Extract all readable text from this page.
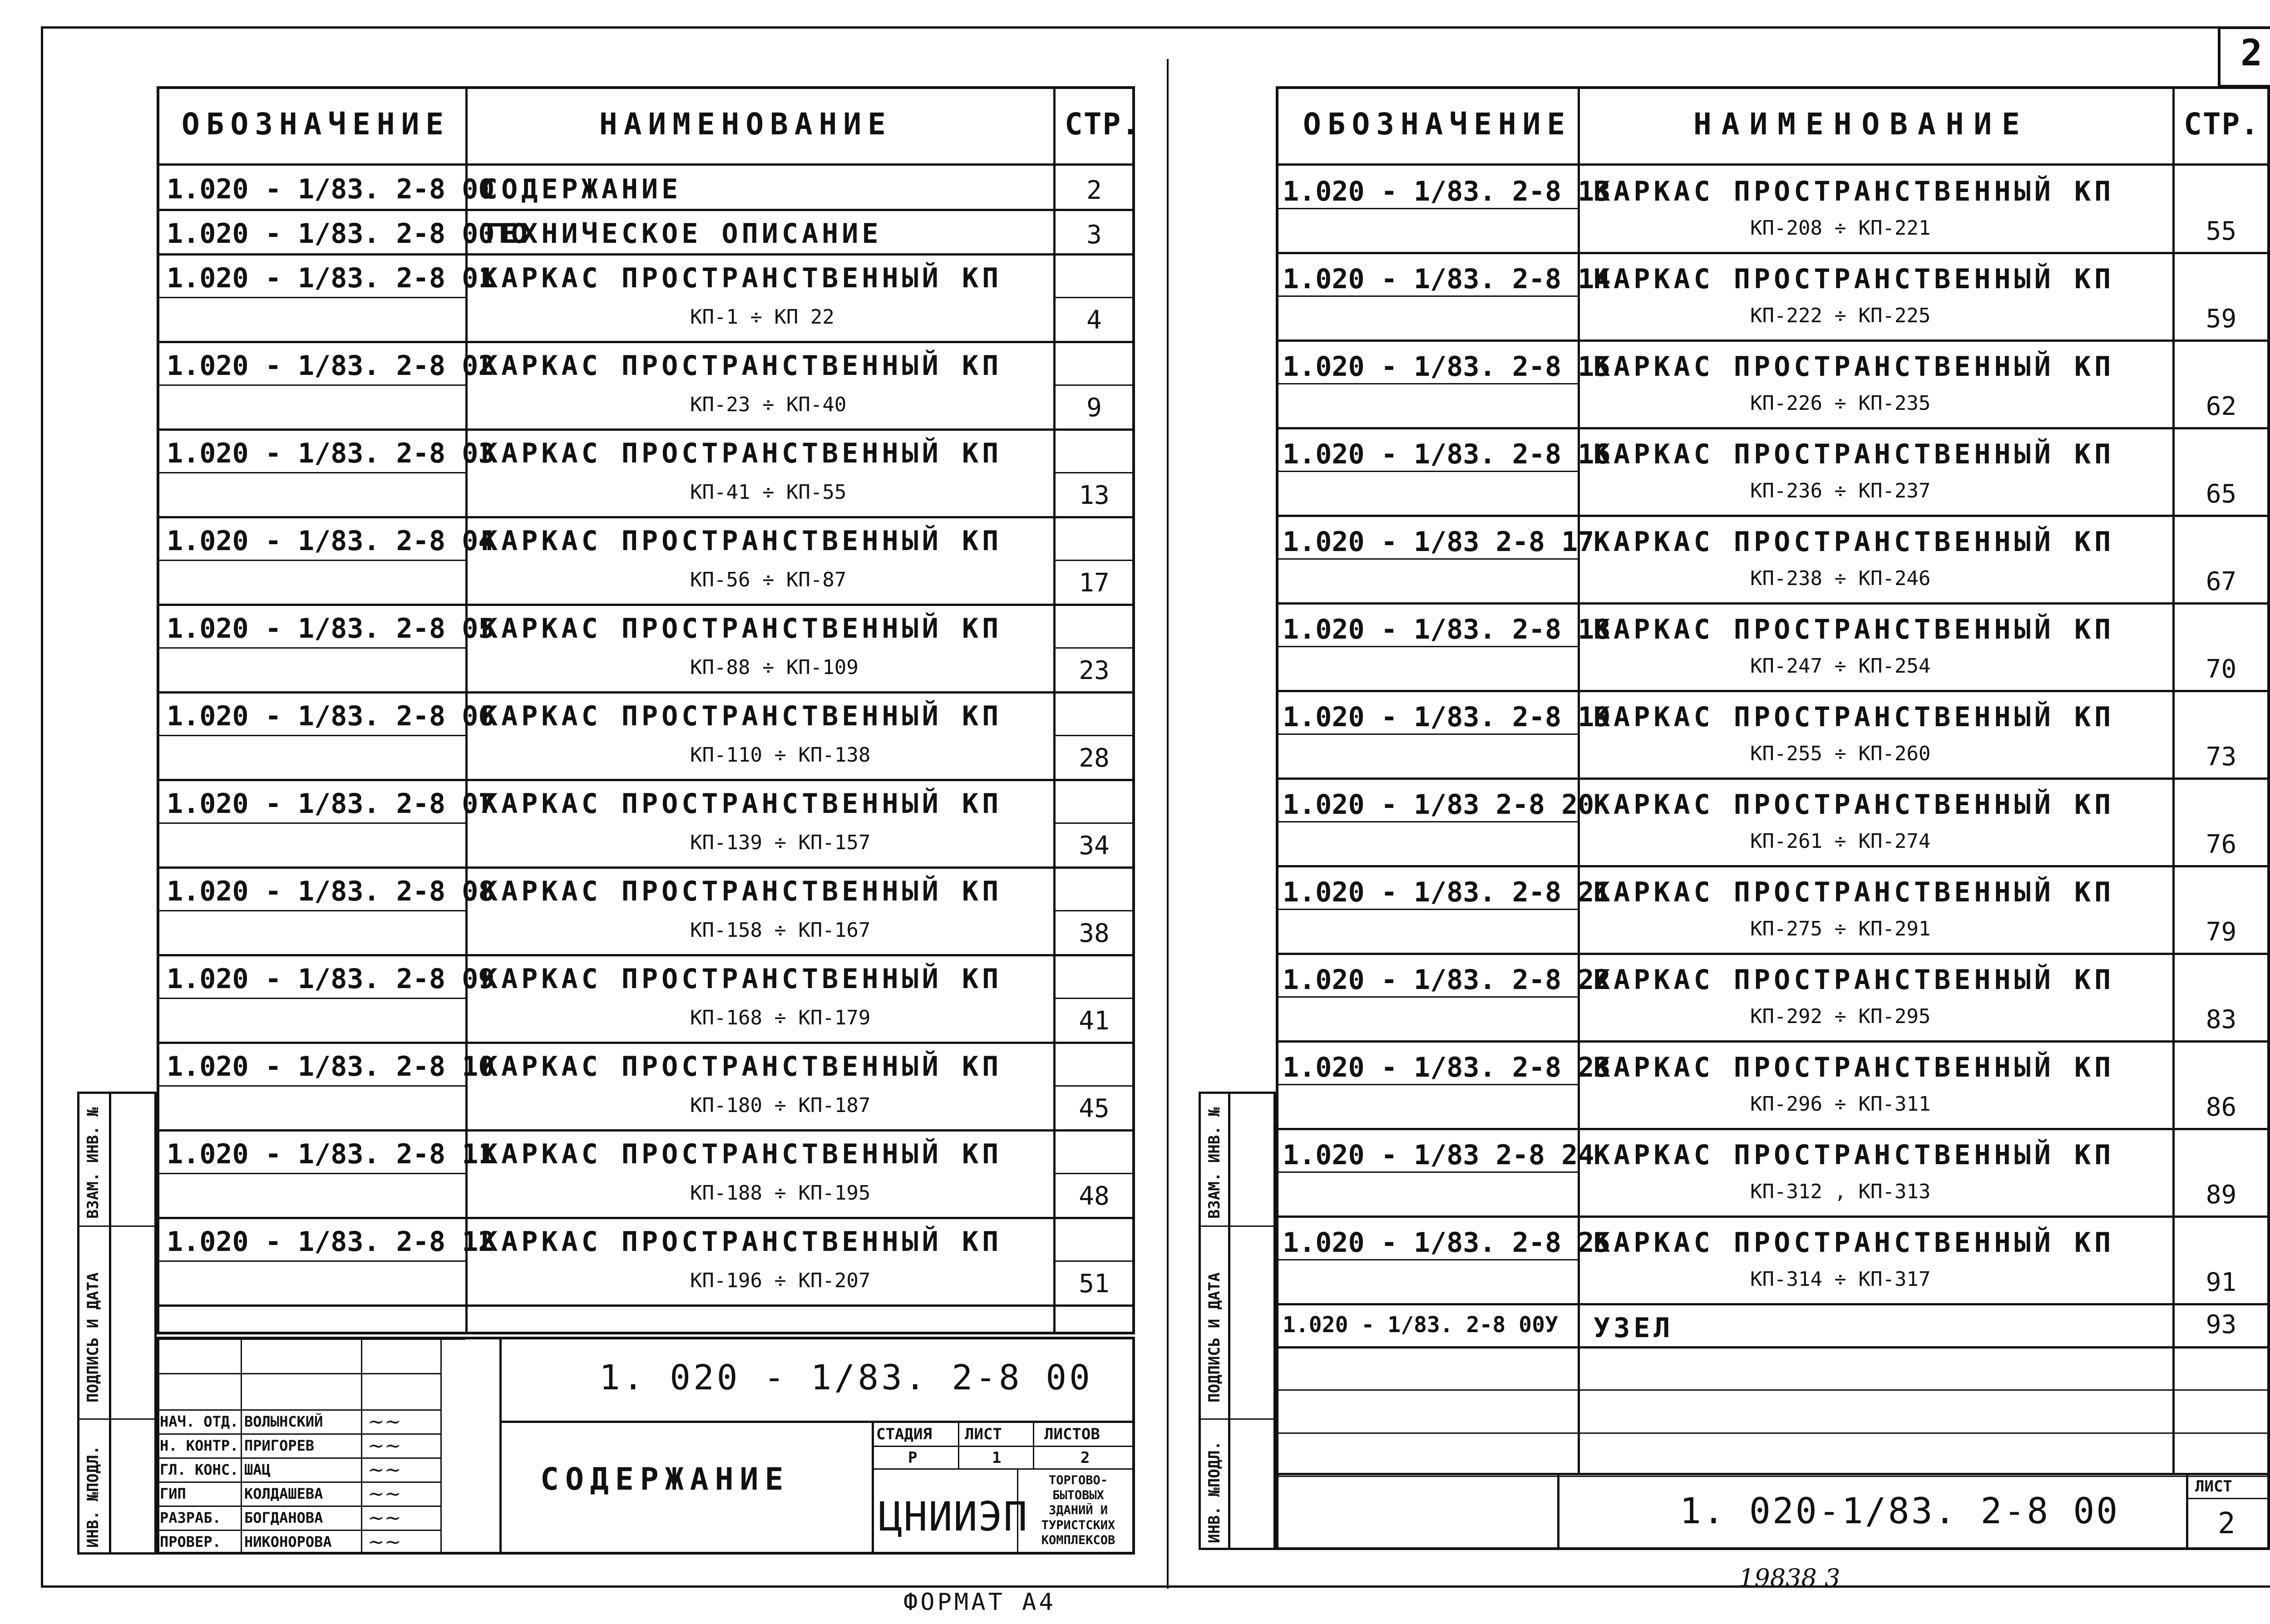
ОБОЗНАЧЕНИЕ	НАИМЕНОВАНИЕ	СТР.
1.020 - 1/83. 2-8 00
СОДЕРЖАНИЕ	2
1.020 - 1/83. 2-8 00ТО
ТЕХНИЧЕСКОЕ ОПИСАНИЕ	3
1.020 - 1/83. 2-8 01
КАРКАС ПРОСТРАНСТВЕННЫЙ КП
КП-1 ÷ КП 22	4
1.020 - 1/83. 2-8 02
КАРКАС ПРОСТРАНСТВЕННЫЙ КП
КП-23 ÷ КП-40	9
1.020 - 1/83. 2-8 03
КАРКАС ПРОСТРАНСТВЕННЫЙ КП
КП-41 ÷ КП-55	13
1.020 - 1/83. 2-8 04
КАРКАС ПРОСТРАНСТВЕННЫЙ КП
КП-56 ÷ КП-87	17
1.020 - 1/83. 2-8 05
КАРКАС ПРОСТРАНСТВЕННЫЙ КП
КП-88 ÷ КП-109	23
1.020 - 1/83. 2-8 06
КАРКАС ПРОСТРАНСТВЕННЫЙ КП
КП-110 ÷ КП-138	28
1.020 - 1/83. 2-8 07
КАРКАС ПРОСТРАНСТВЕННЫЙ КП
КП-139 ÷ КП-157	34
1.020 - 1/83. 2-8 08
КАРКАС ПРОСТРАНСТВЕННЫЙ КП
КП-158 ÷ КП-167	38
1.020 - 1/83. 2-8 09
КАРКАС ПРОСТРАНСТВЕННЫЙ КП
КП-168 ÷ КП-179	41
1.020 - 1/83. 2-8 10
КАРКАС ПРОСТРАНСТВЕННЫЙ КП
КП-180 ÷ КП-187	45
1.020 - 1/83. 2-8 11
КАРКАС ПРОСТРАНСТВЕННЫЙ КП
КП-188 ÷ КП-195	48
1.020 - 1/83. 2-8 12
КАРКАС ПРОСТРАНСТВЕННЫЙ КП
КП-196 ÷ КП-207	51
НАЧ. ОТД. ВОЛЫНСКИЙ ~~
Н. КОНТР. ПРИГОРЕВ	~~
ГЛ. КОНС. ШАЦ	~~
ГИП	КОЛДАШЕВА ~~
РАЗРАБ. БОГДАНОВА ~~
ПРОВЕР. НИКОНОРОВА ~~
1. 020 - 1/83. 2-8 00
СОДЕРЖАНИЕ
СТАДИЯ ЛИСТ	ЛИСТОВ
Р	1	2
ЦНИИЭП
ТОРГОВО-
БЫТОВЫХ
ЗДАНИЙ И
ТУРИСТСКИХ
КОМПЛЕКСОВ
ИНВ. №ПОДЛ.
ПОДПИСЬ И ДАТА
ВЗАМ. ИНВ. №
ФОРМАТ А4
2
ОБОЗНАЧЕНИЕ	НАИМЕНОВАНИЕ	СТР.
1.020 - 1/83. 2-8 13
КАРКАС ПРОСТРАНСТВЕННЫЙ КП
КП-208 ÷ КП-221	55
1.020 - 1/83. 2-8 14
КАРКАС ПРОСТРАНСТВЕННЫЙ КП
КП-222 ÷ КП-225	59
1.020 - 1/83. 2-8 15
КАРКАС ПРОСТРАНСТВЕННЫЙ КП
КП-226 ÷ КП-235	62
1.020 - 1/83. 2-8 16
КАРКАС ПРОСТРАНСТВЕННЫЙ КП
КП-236 ÷ КП-237	65
1.020 - 1/83 2-8 17
КАРКАС ПРОСТРАНСТВЕННЫЙ КП
КП-238 ÷ КП-246	67
1.020 - 1/83. 2-8 18
КАРКАС ПРОСТРАНСТВЕННЫЙ КП
КП-247 ÷ КП-254	70
1.020 - 1/83. 2-8 19
КАРКАС ПРОСТРАНСТВЕННЫЙ КП
КП-255 ÷ КП-260	73
1.020 - 1/83 2-8 20
КАРКАС ПРОСТРАНСТВЕННЫЙ КП
КП-261 ÷ КП-274	76
1.020 - 1/83. 2-8 21
КАРКАС ПРОСТРАНСТВЕННЫЙ КП
КП-275 ÷ КП-291	79
1.020 - 1/83. 2-8 22
КАРКАС ПРОСТРАНСТВЕННЫЙ КП
КП-292 ÷ КП-295	83
1.020 - 1/83. 2-8 23
КАРКАС ПРОСТРАНСТВЕННЫЙ КП
КП-296 ÷ КП-311	86
1.020 - 1/83 2-8 24
КАРКАС ПРОСТРАНСТВЕННЫЙ КП
КП-312 , КП-313	89
1.020 - 1/83. 2-8 25
КАРКАС ПРОСТРАНСТВЕННЫЙ КП
КП-314 ÷ КП-317	91
1.020 - 1/83. 2-8 00У УЗЕЛ	93
1. 020-1/83. 2-8 00
ЛИСТ
2
ИНВ. №ПОДЛ.
ПОДПИСЬ И ДАТА
ВЗАМ. ИНВ. №
19838 3
